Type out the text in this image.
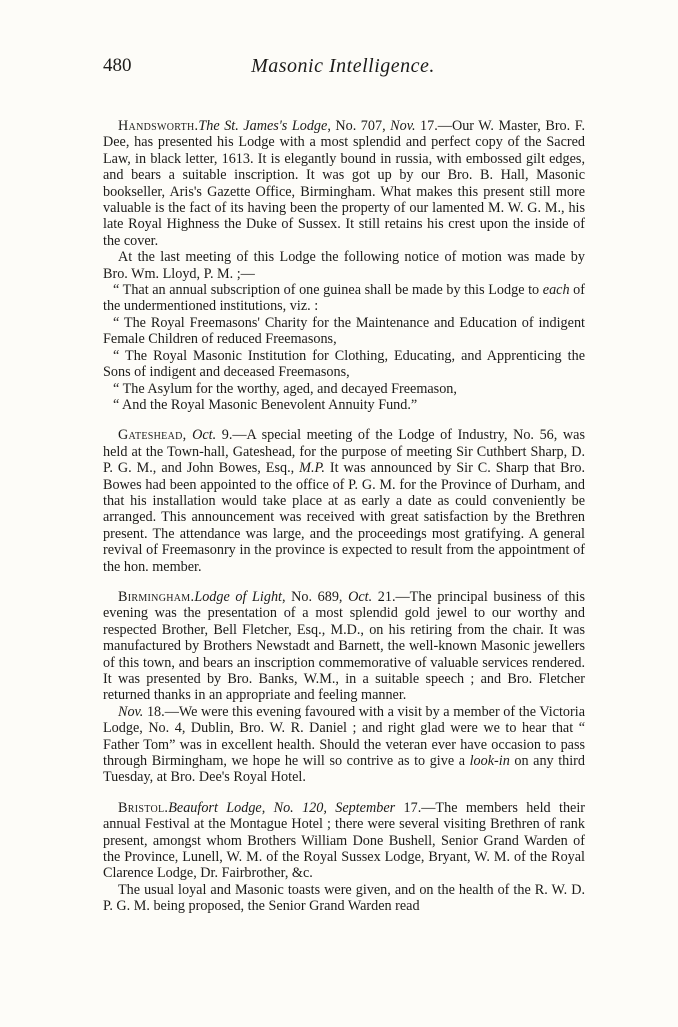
480	Masonic Intelligence.

Handsworth.The St. James's Lodge, No. 707, Nov. 17.—Our W. Master, Bro. F. Dee, has presented his Lodge with a most splendid and perfect copy of the Sacred Law, in black letter, 1613. It is elegantly bound in russia, with embossed gilt edges, and bears a suitable inscription. It was got up by our Bro. B. Hall, Masonic bookseller, Aris's Gazette Office, Birmingham. What makes this present still more valuable is the fact of its having been the property of our lamented M. W. G. M., his late Royal Highness the Duke of Sussex. It still retains his crest upon the inside of the cover.

At the last meeting of this Lodge the following notice of motion was made by Bro. Wm. Lloyd, P. M. ;—

“ That an annual subscription of one guinea shall be made by this Lodge to each of the undermentioned institutions, viz. :

“ The Royal Freemasons' Charity for the Maintenance and Education of indigent Female Children of reduced Freemasons,

“ The Royal Masonic Institution for Clothing, Educating, and Apprenticing the Sons of indigent and deceased Freemasons,

“ The Asylum for the worthy, aged, and decayed Freemason,

“ And the Royal Masonic Benevolent Annuity Fund.”

Gateshead, Oct. 9.—A special meeting of the Lodge of Industry, No. 56, was held at the Town-hall, Gateshead, for the purpose of meeting Sir Cuthbert Sharp, D. P. G. M., and John Bowes, Esq., M.P. It was announced by Sir C. Sharp that Bro. Bowes had been appointed to the office of P. G. M. for the Province of Durham, and that his installation would take place at as early a date as could conveniently be arranged. This announcement was received with great satisfaction by the Brethren present. The attendance was large, and the proceedings most gratifying. A general revival of Freemasonry in the province is expected to result from the appointment of the hon. member.

Birmingham.Lodge of Light, No. 689, Oct. 21.—The principal business of this evening was the presentation of a most splendid gold jewel to our worthy and respected Brother, Bell Fletcher, Esq., M.D., on his retiring from the chair. It was manufactured by Brothers Newstadt and Barnett, the well-known Masonic jewellers of this town, and bears an inscription commemorative of valuable services rendered. It was presented by Bro. Banks, W.M., in a suitable speech ; and Bro. Fletcher returned thanks in an appropriate and feeling manner.

Nov. 18.—We were this evening favoured with a visit by a member of the Victoria Lodge, No. 4, Dublin, Bro. W. R. Daniel ; and right glad were we to hear that “ Father Tom” was in excellent health. Should the veteran ever have occasion to pass through Birmingham, we hope he will so contrive as to give a look-in on any third Tuesday, at Bro. Dee's Royal Hotel.

Bristol.Beaufort Lodge, No. 120, September 17.—The members held their annual Festival at the Montague Hotel ; there were several visiting Brethren of rank present, amongst whom Brothers William Done Bushell, Senior Grand Warden of the Province, Lunell, W. M. of the Royal Sussex Lodge, Bryant, W. M. of the Royal Clarence Lodge, Dr. Fairbrother, &c.

The usual loyal and Masonic toasts were given, and on the health of the R. W. D. P. G. M. being proposed, the Senior Grand Warden read
